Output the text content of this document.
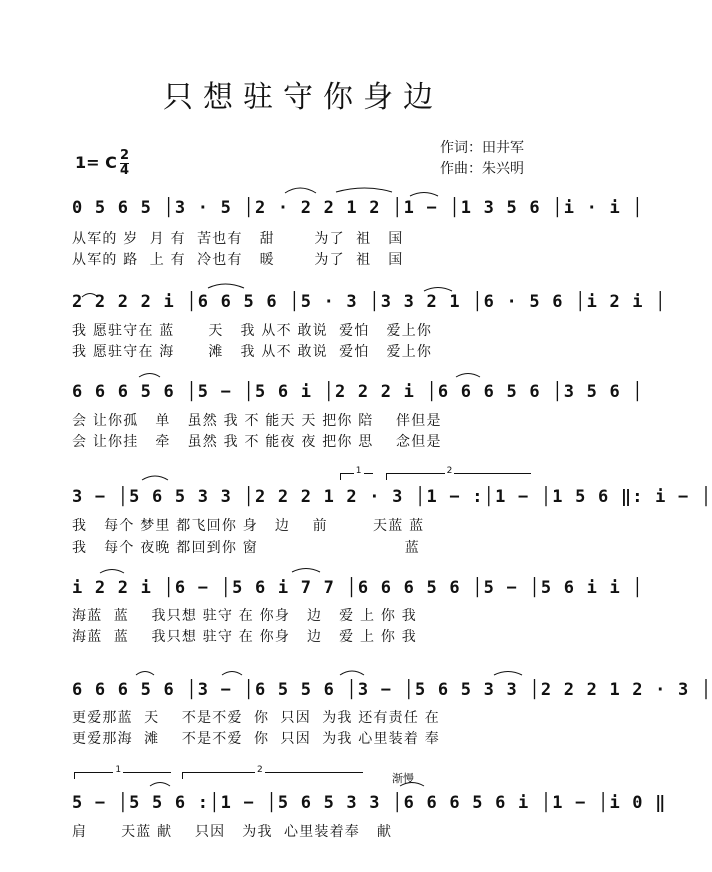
只想驻守你身边
作词：田井军
作曲：朱兴明
1= C 2
4
0 5 6 5 │3 · 5 │2 · 2 2 1 2 │1 − │1 3 5 6 │i · i │
从军的 岁  月 有  苦也有   甜       为了  祖   国
从军的 路  上 有  冷也有   暖       为了  祖   国
2 2 2 2 i │6 6 5 6 │5 · 3 │3 3 2 1 │6 · 5 6 │i 2 i │
我 愿驻守在 蓝      天   我 从不 敢说  爱怕   爱上你
我 愿驻守在 海      滩   我 从不 敢说  爱怕   爱上你
6 6 6 5 6 │5 − │5 6 i │2 2 2 i │6 6 6 5 6 │3 5 6 │
会 让你孤   单   虽然 我 不 能天 天 把你 陪    伴但是
会 让你挂   牵   虽然 我 不 能夜 夜 把你 思    念但是
1	2
3 − │5 6 5 3 3 │2 2 2 1 2 · 3 │1 − :│1 − │1 5 6 ‖: i − │
我   每个 梦里 都飞回你 身   边    前        天蓝 蓝
我   每个 夜晚 都回到你 窗                          蓝
i 2 2 i │6 − │5 6 i 7 7 │6 6 6 5 6 │5 − │5 6 i i │
海蓝  蓝    我只想 驻守 在 你身   边   爱 上 你 我
海蓝  蓝    我只想 驻守 在 你身   边   爱 上 你 我
6 6 6 5 6 │3 − │6 5 5 6 │3 − │5 6 5 3 3 │2 2 2 1 2 · 3 │
更爱那蓝  天    不是不爱  你  只因  为我 还有责任 在
更爱那海  滩    不是不爱  你  只因  为我 心里装着 奉
1	2
渐慢
5 − │5 5 6 :│1 − │5 6 5 3 3 │6 6 6 5 6 i │1 − │i 0 ‖
肩      天蓝 献    只因   为我  心里装着奉   献
